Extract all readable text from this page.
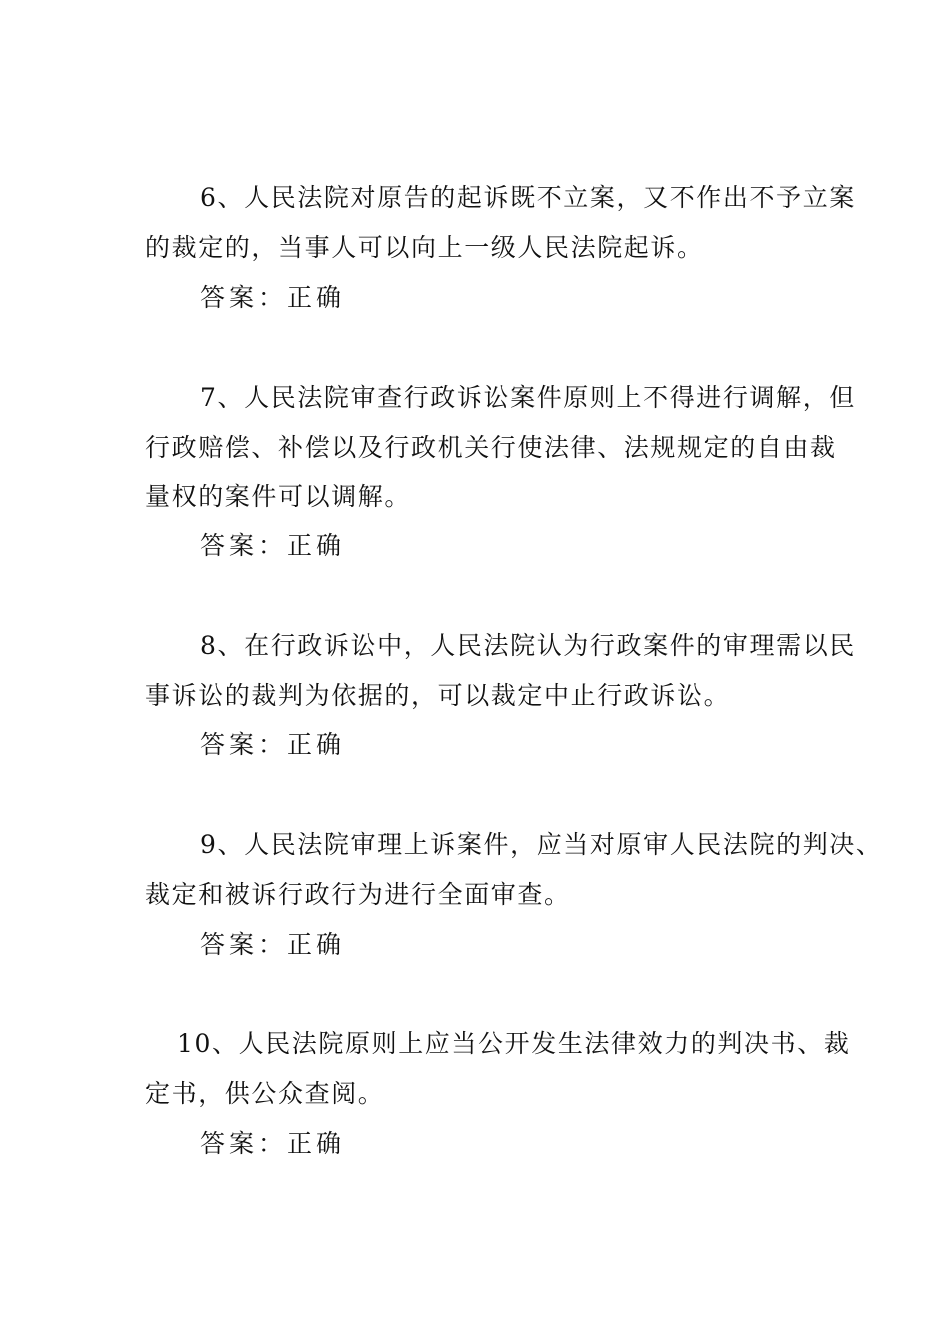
6、人民法院对原告的起诉既不立案，又不作出不予立案
的裁定的，当事人可以向上一级人民法院起诉。
答案：正确
7、人民法院审查行政诉讼案件原则上不得进行调解，但
行政赔偿、补偿以及行政机关行使法律、法规规定的自由裁
量权的案件可以调解。
答案：正确
8、在行政诉讼中，人民法院认为行政案件的审理需以民
事诉讼的裁判为依据的，可以裁定中止行政诉讼。
答案：正确
9、人民法院审理上诉案件，应当对原审人民法院的判决、
裁定和被诉行政行为进行全面审查。
答案：正确
10、人民法院原则上应当公开发生法律效力的判决书、裁
定书，供公众查阅。
答案：正确
